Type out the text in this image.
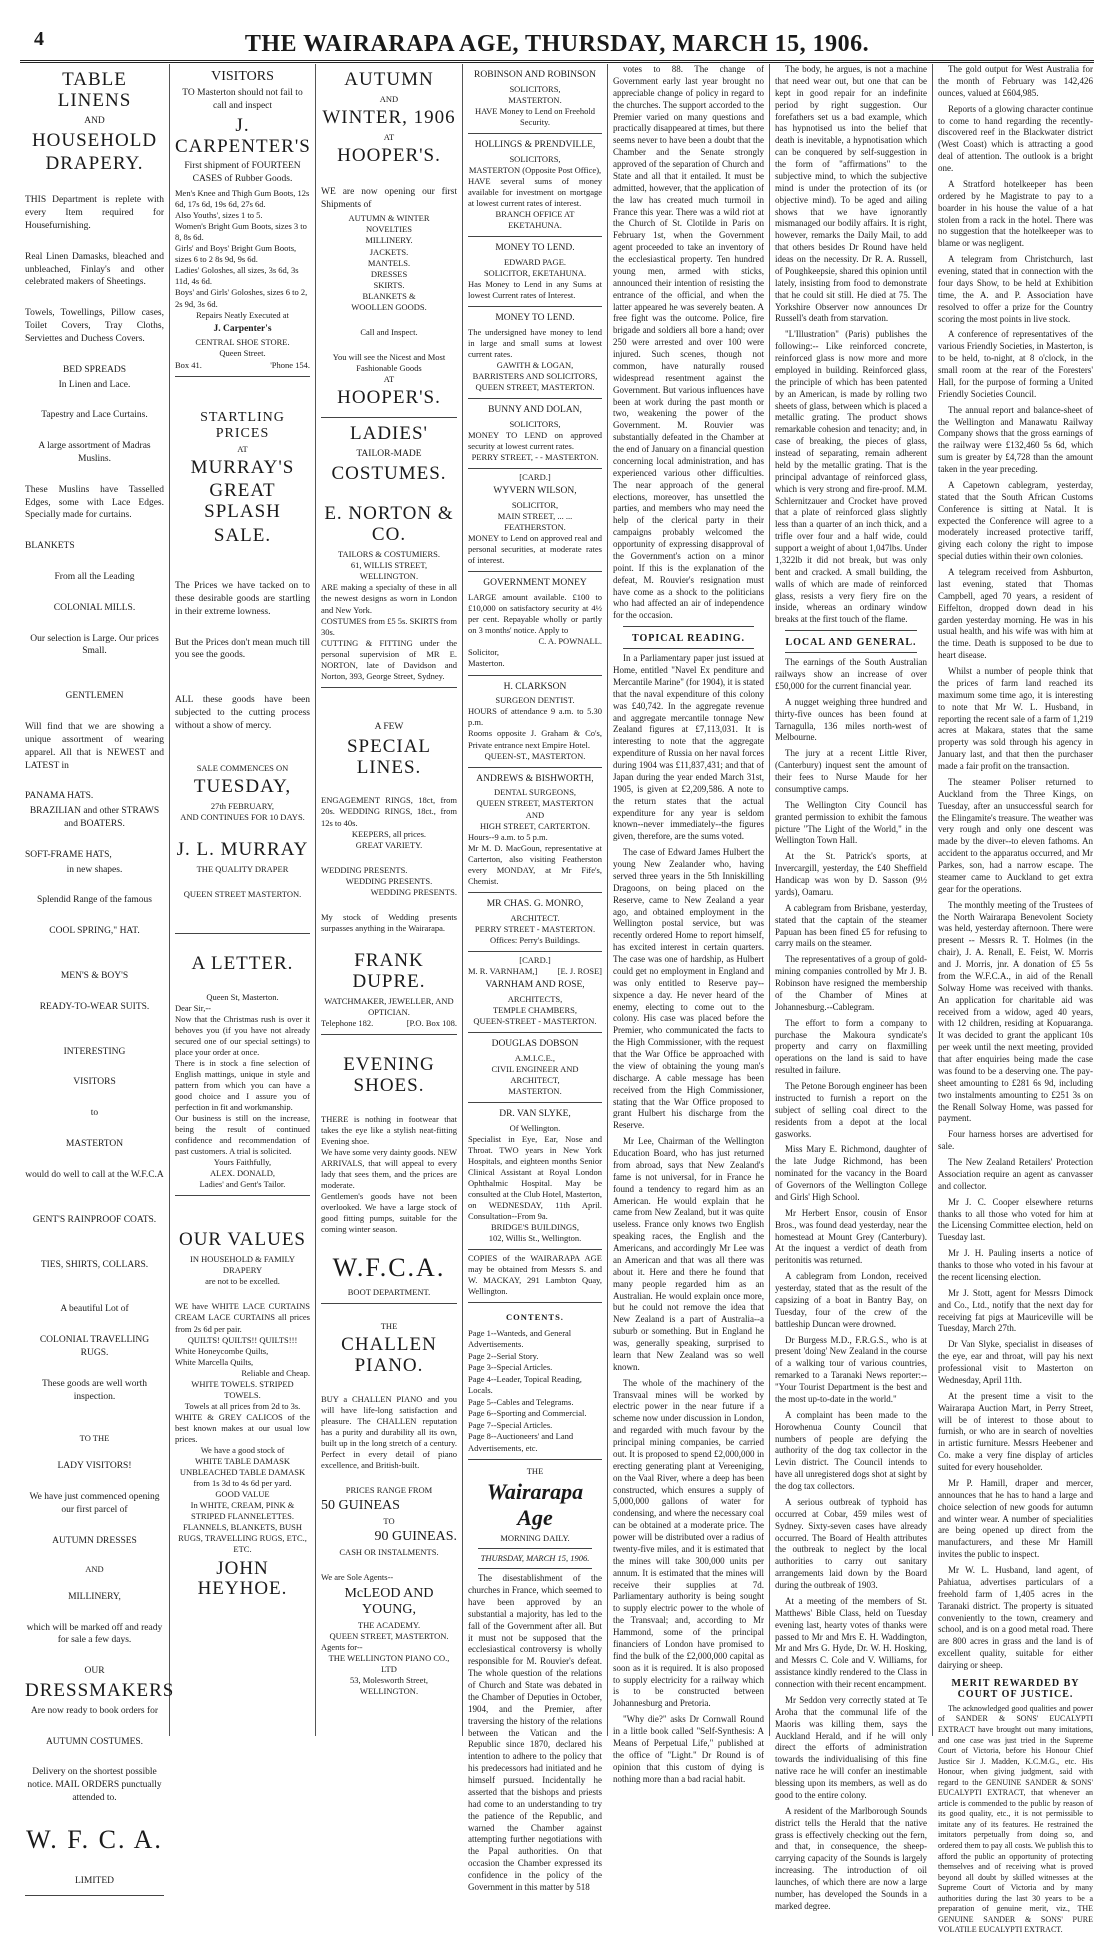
4	THE WAIRARAPA AGE, THURSDAY, MARCH 15, 1906.
TABLE LINENS
AND
HOUSEHOLD
DRAPERY.
THIS Department is replete with every Item required for Housefurnishing.
Real Linen Damasks, bleached and unbleached, Finlay's and other celebrated makers of Sheetings.
Towels, Towellings, Pillow cases, Toilet Covers, Tray Cloths, Serviettes and Duchess Covers.
BED SPREADS
In Linen and Lace.
Tapestry and Lace Curtains.
A large assortment of Madras Muslins.
These Muslins have Tasselled Edges, some with Lace Edges. Specially made for curtains.
BLANKETS
From all the Leading
COLONIAL MILLS.
Our selection is Large. Our prices Small.
GENTLEMEN
Will find that we are showing a unique assortment of wearing apparel. All that is NEWEST and LATEST in
PANAMA HATS.
BRAZILIAN and other STRAWS and BOATERS.
SOFT-FRAME HATS,
in new shapes.
Splendid Range of the famous
COOL SPRING," HAT.
MEN'S & BOY'S
READY-TO-WEAR SUITS.
INTERESTING
VISITORS
to
MASTERTON
would do well to call at the W.F.C.A
GENT'S RAINPROOF COATS.
TIES, SHIRTS, COLLARS.
A beautiful Lot of
COLONIAL TRAVELLING RUGS.
These goods are well worth inspection.
TO THE
LADY VISITORS!
We have just commenced opening our first parcel of
AUTUMN DRESSES
AND
MILLINERY,
which will be marked off and ready for sale a few days.
OUR
DRESSMAKERS
Are now ready to book orders for
AUTUMN COSTUMES.
Delivery on the shortest possible notice. MAIL ORDERS punctually attended to.
W. F. C. A.
LIMITED
VISITORS
TO Masterton should not fail to call and inspect
J. CARPENTER'S
First shipment of FOURTEEN CASES of Rubber Goods.
Men's Knee and Thigh Gum Boots, 12s 6d, 17s 6d, 19s 6d, 27s 6d.
Also Youths', sizes 1 to 5.
Women's Bright Gum Boots, sizes 3 to 8, 8s 6d.
Girls' and Boys' Bright Gum Boots, sizes 6 to 2 8s 9d, 9s 6d.
Ladies' Goloshes, all sizes, 3s 6d, 3s 11d, 4s 6d.
Boys' and Girls' Goloshes, sizes 6 to 2, 2s 9d, 3s 6d.
Repairs Neatly Executed at
J. Carpenter's
CENTRAL SHOE STORE.
Queen Street.
Box 41.	'Phone 154.
STARTLING PRICES
AT
MURRAY'S
GREAT SPLASH
SALE.
The Prices we have tacked on to these desirable goods are startling in their extreme lowness.
But the Prices don't mean much till you see the goods.
ALL these goods have been subjected to the cutting process without a show of mercy.
SALE COMMENCES ON
TUESDAY,
27th FEBRUARY,
AND CONTINUES FOR 10 DAYS.
J. L. MURRAY
THE QUALITY DRAPER
QUEEN STREET MASTERTON.
A LETTER.
Queen St, Masterton.
Dear Sir,--
Now that the Christmas rush is over it behoves you (if you have not already secured one of our special settings) to place your order at once.
There is in stock a fine selection of English mattings, unique in style and pattern from which you can have a good choice and I assure you of perfection in fit and workmanship.
Our business is still on the increase, being the result of continued confidence and recommendation of past customers. A trial is solicited.
Yours Faithfully,
ALEX. DONALD,
Ladies' and Gent's Tailor.
OUR VALUES
IN HOUSEHOLD & FAMILY DRAPERY
are not to be excelled.
WE have WHITE LACE CURTAINS CREAM LACE CURTAINS all prices from 2s 6d per pair.
QUILTS! QUILTS!! QUILTS!!!
White Honeycombe Quilts,
White Marcella Quilts,
Reliable and Cheap.
WHITE TOWELS. STRIPED TOWELS.
Towels at all prices from 2d to 3s.
WHITE & GREY CALICOS of the best known makes at our usual low prices.
We have a good stock of
WHITE TABLE DAMASK
UNBLEACHED TABLE DAMASK from 1s 3d to 4s 6d per yard.
GOOD VALUE
In WHITE, CREAM, PINK & STRIPED FLANNELETTES.
FLANNELS, BLANKETS, BUSH RUGS, TRAVELLING RUGS, ETC., ETC.
JOHN HEYHOE.
AUTUMN
AND
WINTER, 1906
AT
HOOPER'S.
WE are now opening our first Shipments of
AUTUMN & WINTER
NOVELTIES
MILLINERY.
JACKETS.
MANTELS.
DRESSES
SKIRTS.
BLANKETS &
WOOLLEN GOODS.
Call and Inspect.
You will see the Nicest and Most Fashionable Goods
AT
HOOPER'S.
LADIES'
TAILOR-MADE
COSTUMES.
E. NORTON & CO.
TAILORS & COSTUMIERS.
61, WILLIS STREET, WELLINGTON.
ARE making a specialty of these in all the newest designs as worn in London and New York.
COSTUMES from £5 5s. SKIRTS from 30s.
CUTTING & FITTING under the personal supervision of MR E. NORTON, late of Davidson and Norton, 393, George Street, Sydney.
A FEW
SPECIAL LINES.
ENGAGEMENT RINGS, 18ct, from 20s. WEDDING RINGS, 18ct., from 12s to 40s.
KEEPERS, all prices.
GREAT VARIETY.
WEDDING PRESENTS.
WEDDING PRESENTS.
WEDDING PRESENTS.
My stock of Wedding presents surpasses anything in the Wairarapa.
FRANK DUPRE.
WATCHMAKER, JEWELLER, AND OPTICIAN.
Telephone 182.	[P.O. Box 108.
EVENING SHOES.
THERE is nothing in footwear that takes the eye like a stylish neat-fitting Evening shoe.
We have some very dainty goods. NEW ARRIVALS, that will appeal to every lady that sees them, and the prices are moderate.
Gentlemen's goods have not been overlooked. We have a large stock of good fitting pumps, suitable for the coming winter season.
W.F.C.A.
BOOT DEPARTMENT.
THE
CHALLEN PIANO.
BUY a CHALLEN PIANO and you will have life-long satisfaction and pleasure. The CHALLEN reputation has a purity and durability all its own, built up in the long stretch of a century. Perfect in every detail of piano excellence, and British-built.
PRICES RANGE FROM
50 GUINEAS
TO
90 GUINEAS.
CASH OR INSTALMENTS.
We are Sole Agents--
McLEOD AND YOUNG,
THE ACADEMY.
QUEEN STREET, MASTERTON.
Agents for--
THE WELLINGTON PIANO CO., LTD
53, Molesworth Street,
WELLINGTON.
ROBINSON AND ROBINSON
SOLICITORS,
MASTERTON.
HAVE Money to Lend on Freehold Security.
HOLLINGS & PRENDVILLE,
SOLICITORS,
MASTERTON (Opposite Post Office),
HAVE several sums of money available for investment on mortgage at lowest current rates of interest.
BRANCH OFFICE AT EKETAHUNA.
MONEY TO LEND.
EDWARD PAGE.
SOLICITOR, EKETAHUNA.
Has Money to Lend in any Sums at lowest Current rates of Interest.
MONEY TO LEND.
The undersigned have money to lend in large and small sums at lowest current rates.
GAWITH & LOGAN,
BARRISTERS AND SOLICITORS,
QUEEN STREET, MASTERTON.
BUNNY AND DOLAN,
SOLICITORS,
MONEY TO LEND on approved security at lowest current rates.
PERRY STREET, - - MASTERTON.
[CARD.]
WYVERN WILSON,
SOLICITOR,
MAIN STREET, ... ... FEATHERSTON.
MONEY to Lend on approved real and personal securities, at moderate rates of interest.
GOVERNMENT MONEY
LARGE amount available. £100 to £10,000 on satisfactory security at 4½ per cent. Repayable wholly or partly on 3 months' notice. Apply to
C. A. POWNALL.
Solicitor,
Masterton.
H. CLARKSON
SURGEON DENTIST.
HOURS of attendance 9 a.m. to 5.30 p.m.
Rooms opposite J. Graham & Co's, Private entrance next Empire Hotel.
QUEEN-ST., MASTERTON.
ANDREWS & BISHWORTH,
DENTAL SURGEONS,
QUEEN STREET, MASTERTON
AND
HIGH STREET, CARTERTON.
Hours--9 a.m. to 5 p.m.
Mr M. D. MacGoun, representative at Carterton, also visiting Featherston every MONDAY, at Mr Fife's, Chemist.
MR CHAS. G. MONRO,
ARCHITECT.
PERRY STREET - MASTERTON.
Offices: Perry's Buildings.
[CARD.]
M. R. VARNHAM,] [E. J. ROSE]
VARNHAM AND ROSE,
ARCHITECTS,
TEMPLE CHAMBERS,
QUEEN-STREET - MASTERTON.
DOUGLAS DOBSON
A.M.I.C.E.,
CIVIL ENGINEER AND ARCHITECT,
MASTERTON.
DR. VAN SLYKE,
Of Wellington.
Specialist in Eye, Ear, Nose and Throat. TWO years in New York Hospitals, and eighteen months Senior Clinical Assistant at Royal London Ophthalmic Hospital. May be consulted at the Club Hotel, Masterton, on WEDNESDAY, 11th April. Consultation--From 9a.
BRIDGE'S BUILDINGS,
102, Willis St., Wellington.
COPIES of the WAIRARAPA AGE may be obtained from Messrs S. and W. MACKAY, 291 Lambton Quay, Wellington.
CONTENTS.
Page 1--Wanteds, and General Advertisements.
Page 2--Serial Story.
Page 3--Special Articles.
Page 4--Leader, Topical Reading, Locals.
Page 5--Cables and Telegrams.
Page 6--Sporting and Commercial.
Page 7--Special Articles.
Page 8--Auctioneers' and Land Advertisements, etc.
THE
Wairarapa Age
MORNING DAILY.
THURSDAY, MARCH 15, 1906.
The disestablishment of the churches in France, which seemed to have been approved by an substantial a majority, has led to the fall of the Government after all. But it must not be supposed that the ecclesiastical controversy is wholly responsible for M. Rouvier's defeat. The whole question of the relations of Church and State was debated in the Chamber of Deputies in October, 1904, and the Premier, after traversing the history of the relations between the Vatican and the Republic since 1870, declared his intention to adhere to the policy that his predecessors had initiated and he himself pursued. Incidentally he asserted that the bishops and priests had come to an understanding to try the patience of the Republic, and warned the Chamber against attempting further negotiations with the Papal authorities. On that occasion the Chamber expressed its confidence in the policy of the Government in this matter by 518
votes to 88. The change of Government early last year brought no appreciable change of policy in regard to the churches. The support accorded to the Premier varied on many questions and practically disappeared at times, but there seems never to have been a doubt that the Chamber and the Senate strongly approved of the separation of Church and State and all that it entailed. It must be admitted, however, that the application of the law has created much turmoil in France this year. There was a wild riot at the Church of St. Clotilde in Paris on February 1st, when the Government agent proceeded to take an inventory of the ecclesiastical property. Ten hundred young men, armed with sticks, announced their intention of resisting the entrance of the official, and when the latter appeared he was severely beaten. A free fight was the outcome. Police, fire brigade and soldiers all bore a hand; over 250 were arrested and over 100 were injured. Such scenes, though not common, have naturally roused widespread resentment against the Government. But various influences have been at work during the past month or two, weakening the power of the Government. M. Rouvier was substantially defeated in the Chamber at the end of January on a financial question concerning local administration, and has experienced various other difficulties. The near approach of the general elections, moreover, has unsettled the parties, and members who may need the help of the clerical party in their campaigns probably welcomed the opportunity of expressing disapproval of the Government's action on a minor point. If this is the explanation of the defeat, M. Rouvier's resignation must have come as a shock to the politicians who had affected an air of independence for the occasion.
TOPICAL READING.
In a Parliamentary paper just issued at Home, entitled "Navel Ex penditure and Mercantile Marine" (for 1904), it is stated that the naval expenditure of this colony was £40,742. In the aggregate revenue and aggregate mercantile tonnage New Zealand figures at £7,113,031. It is interesting to note that the aggregate expenditure of Russia on her naval forces during 1904 was £11,837,431; and that of Japan during the year ended March 31st, 1905, is given at £2,209,586. A note to the return states that the actual expenditure for any year is seldom known--never immediately--the figures given, therefore, are the sums voted.
The case of Edward James Hulbert the young New Zealander who, having served three years in the 5th Inniskilling Dragoons, on being placed on the Reserve, came to New Zealand a year ago, and obtained employment in the Wellington postal service, but was recently ordered Home to report himself, has excited interest in certain quarters. The case was one of hardship, as Hulbert could get no employment in England and was only entitled to Reserve pay--sixpence a day. He never heard of the enemy, electing to come out to the colony. His case was placed before the Premier, who communicated the facts to the High Commissioner, with the request that the War Office be approached with the view of obtaining the young man's discharge. A cable message has been received from the High Commissioner, stating that the War Office proposed to grant Hulbert his discharge from the Reserve.
Mr Lee, Chairman of the Wellington Education Board, who has just returned from abroad, says that New Zealand's fame is not universal, for in France he found a tendency to regard him as an American. He would explain that he came from New Zealand, but it was quite useless. France only knows two English speaking races, the English and the Americans, and accordingly Mr Lee was an American and that was all there was about it. Here and there he found that many people regarded him as an Australian. He would explain once more, but he could not remove the idea that New Zealand is a part of Australia--a suburb or something. But in England he was, generally speaking, surprised to learn that New Zealand was so well known.
The whole of the machinery of the Transvaal mines will be worked by electric power in the near future if a scheme now under discussion in London, and regarded with much favour by the principal mining companies, be carried out. It is proposed to spend £2,000,000 in erecting generating plant at Vereeniging, on the Vaal River, where a deep has been constructed, which ensures a supply of 5,000,000 gallons of water for condensing, and where the necessary coal can be obtained at a moderate price. The power will be distributed over a radius of twenty-five miles, and it is estimated that the mines will take 300,000 units per annum. It is estimated that the mines will receive their supplies at 7d. Parliamentary authority is being sought to supply electric power to the whole of the Transvaal; and, according to Mr Hammond, some of the principal financiers of London have promised to find the bulk of the £2,000,000 capital as soon as it is required. It is also proposed to supply electricity for a railway which is to be constructed between Johannesburg and Pretoria.
"Why die?" asks Dr Cornwall Round in a little book called "Self-Synthesis: A Means of Perpetual Life," published at the office of "Light." Dr Round is of opinion that this custom of dying is nothing more than a bad racial habit.
The body, he argues, is not a machine that need wear out, but one that can be kept in good repair for an indefinite period by right suggestion. Our forefathers set us a bad example, which has hypnotised us into the belief that death is inevitable, a hypnotisation which can be conquered by self-suggestion in the form of "affirmations" to the subjective mind, to which the subjective mind is under the protection of its (or objective mind). To be aged and ailing shows that we have ignorantly mismanaged our bodily affairs. It is right, however, remarks the Daily Mail, to add that others besides Dr Round have held ideas on the necessity. Dr R. A. Russell, of Poughkeepsie, shared this opinion until lately, insisting from food to demonstrate that he could sit still. He died at 75. The Yorkshire Observer now announces Dr Russell's death from starvation.
"L'Illustration" (Paris) publishes the following:-- Like reinforced concrete, reinforced glass is now more and more employed in building. Reinforced glass, the principle of which has been patented by an American, is made by rolling two sheets of glass, between which is placed a metallic grating. The product shows remarkable cohesion and tenacity; and, in case of breaking, the pieces of glass, instead of separating, remain adherent held by the metallic grating. That is the principal advantage of reinforced glass, which is very strong and fire-proof. M.M. Schlernitzauer and Crocket have proved that a plate of reinforced glass slightly less than a quarter of an inch thick, and a trifle over four and a half wide, could support a weight of about 1,047lbs. Under 1,322lb it did not break, but was only bent and cracked. A small building, the walls of which are made of reinforced glass, resists a very fiery fire on the inside, whereas an ordinary window breaks at the first touch of the flame.
LOCAL AND GENERAL.
The earnings of the South Australian railways show an increase of over £50,000 for the current financial year.
A nugget weighing three hundred and thirty-five ounces has been found at Tarnagulla, 136 miles north-west of Melbourne.
The jury at a recent Little River, (Canterbury) inquest sent the amount of their fees to Nurse Maude for her consumptive camps.
The Wellington City Council has granted permission to exhibit the famous picture "The Light of the World," in the Wellington Town Hall.
At the St. Patrick's sports, at Invercargill, yesterday, the £40 Sheffield Handicap was won by D. Sasson (9½ yards), Oamaru.
A cablegram from Brisbane, yesterday, stated that the captain of the steamer Papuan has been fined £5 for refusing to carry mails on the steamer.
The representatives of a group of gold-mining companies controlled by Mr J. B. Robinson have resigned the membership of the Chamber of Mines at Johannesburg.--Cablegram.
The effort to form a company to purchase the Makoura syndicate's property and carry on flaxmilling operations on the land is said to have resulted in failure.
The Petone Borough engineer has been instructed to furnish a report on the subject of selling coal direct to the residents from a depot at the local gasworks.
Miss Mary E. Richmond, daughter of the late Judge Richmond, has been nominated for the vacancy in the Board of Governors of the Wellington College and Girls' High School.
Mr Herbert Ensor, cousin of Ensor Bros., was found dead yesterday, near the homestead at Mount Grey (Canterbury). At the inquest a verdict of death from peritonitis was returned.
A cablegram from London, received yesterday, stated that as the result of the capsizing of a boat in Bantry Bay, on Tuesday, four of the crew of the battleship Duncan were drowned.
Dr Burgess M.D., F.R.G.S., who is at present 'doing' New Zealand in the course of a walking tour of various countries, remarked to a Taranaki News reporter:--"Your Tourist Department is the best and the most up-to-date in the world."
A complaint has been made to the Horowhenua County Council that numbers of people are defying the authority of the dog tax collector in the Levin district. The Council intends to have all unregistered dogs shot at sight by the dog tax collectors.
A serious outbreak of typhoid has occurred at Cobar, 459 miles west of Sydney. Sixty-seven cases have already occurred. The Board of Health attributes the outbreak to neglect by the local authorities to carry out sanitary arrangements laid down by the Board during the outbreak of 1903.
At a meeting of the members of St. Matthews' Bible Class, held on Tuesday evening last, hearty votes of thanks were passed to Mr and Mrs E. H. Waddington, Mr and Mrs G. Hyde, Dr. W. H. Hosking, and Messrs C. Cole and V. Williams, for assistance kindly rendered to the Class in connection with their recent encampment.
Mr Seddon very correctly stated at Te Aroha that the communal life of the Maoris was killing them, says the Auckland Herald, and if he will only direct the efforts of administration towards the individualising of this fine native race he will confer an inestimable blessing upon its members, as well as do good to the entire colony.
A resident of the Marlborough Sounds district tells the Herald that the native grass is effectively checking out the fern, and that, in consequence, the sheep-carrying capacity of the Sounds is largely increasing. The introduction of oil launches, of which there are now a large number, has developed the Sounds in a marked degree.
The gold output for West Australia for the month of February was 142,426 ounces, valued at £604,985.
Reports of a glowing character continue to come to hand regarding the recently-discovered reef in the Blackwater district (West Coast) which is attracting a good deal of attention. The outlook is a bright one.
A Stratford hotelkeeper has been ordered by he Magistrate to pay to a boarder in his house the value of a hat stolen from a rack in the hotel. There was no suggestion that the hotelkeeper was to blame or was negligent.
A telegram from Christchurch, last evening, stated that in connection with the four days Show, to be held at Exhibition time, the A. and P. Association have resolved to offer a prize for the Country scoring the most points in live stock.
A conference of representatives of the various Friendly Societies, in Masterton, is to be held, to-night, at 8 o'clock, in the small room at the rear of the Foresters' Hall, for the purpose of forming a United Friendly Societies Council.
The annual report and balance-sheet of the Wellington and Manawatu Railway Company shows that the gross earnings of the railway were £132,460 5s 6d, which sum is greater by £4,728 than the amount taken in the year preceding.
A Capetown cablegram, yesterday, stated that the South African Customs Conference is sitting at Natal. It is expected the Conference will agree to a moderately increased protective tariff, giving each colony the right to impose special duties within their own colonies.
A telegram received from Ashburton, last evening, stated that Thomas Campbell, aged 70 years, a resident of Eiffelton, dropped down dead in his garden yesterday morning. He was in his usual health, and his wife was with him at the time. Death is supposed to be due to heart disease.
Whilst a number of people think that the prices of farm land reached its maximum some time ago, it is interesting to note that Mr W. L. Husband, in reporting the recent sale of a farm of 1,219 acres at Makara, states that the same property was sold through his agency in January last, and that then the purchaser made a fair profit on the transaction.
The steamer Poliser returned to Auckland from the Three Kings, on Tuesday, after an unsuccessful search for the Elingamite's treasure. The weather was very rough and only one descent was made by the diver--to eleven fathoms. An accident to the apparatus occurred, and Mr Parkes, son, had a narrow escape. The steamer came to Auckland to get extra gear for the operations.
The monthly meeting of the Trustees of the North Wairarapa Benevolent Society was held, yesterday afternoon. There were present -- Messrs R. T. Holmes (in the chair), J. A. Renall, E. Feist, W. Morris and J. Morris, jnr. A donation of £5 5s from the W.F.C.A., in aid of the Renall Solway Home was received with thanks. An application for charitable aid was received from a widow, aged 40 years, with 12 children, residing at Kopuaranga. It was decided to grant the applicant 10s per week until the next meeting, provided that after enquiries being made the case was found to be a deserving one. The pay-sheet amounting to £281 6s 9d, including two instalments amounting to £251 3s on the Renall Solway Home, was passed for payment.
Four harness horses are advertised for sale.
The New Zealand Retailers' Protection Association require an agent as canvasser and collector.
Mr J. C. Cooper elsewhere returns thanks to all those who voted for him at the Licensing Committee election, held on Tuesday last.
Mr J. H. Pauling inserts a notice of thanks to those who voted in his favour at the recent licensing election.
Mr J. Stott, agent for Messrs Dimock and Co., Ltd., notify that the next day for receiving fat pigs at Mauriceville will be Tuesday, March 27th.
Dr Van Slyke, specialist in diseases of the eye, ear and throat, will pay his next professional visit to Masterton on Wednesday, April 11th.
At the present time a visit to the Wairarapa Auction Mart, in Perry Street, will be of interest to those about to furnish, or who are in search of novelties in artistic furniture. Messrs Heebener and Co. make a very fine display of articles suited for every householder.
Mr P. Hamill, draper and mercer, announces that he has to hand a large and choice selection of new goods for autumn and winter wear. A number of specialities are being opened up direct from the manufacturers, and these Mr Hamill invites the public to inspect.
Mr W. L. Husband, land agent, of Pahiatua, advertises particulars of a freehold farm of 1,405 acres in the Taranaki district. The property is situated conveniently to the town, creamery and school, and is on a good metal road. There are 800 acres in grass and the land is of excellent quality, suitable for either dairying or sheep.
MERIT REWARDED BY COURT OF JUSTICE.
The acknowledged good qualities and power of SANDER & SONS' EUCALYPTI EXTRACT have brought out many imitations, and one case was just tried in the Supreme Court of Victoria, before his Honour Chief Justice Sir J. Madden, K.C.M.G., etc. His Honour, when giving judgment, said with regard to the GENUINE SANDER & SONS' EUCALYPTI EXTRACT, that whenever an article is commended to the public by reason of its good quality, etc., it is not permissible to imitate any of its features. He restrained the imitators perpetually from doing so, and ordered them to pay all costs. We publish this to afford the public an opportunity of protecting themselves and of receiving what is proved beyond all doubt by skilled witnesses at the Supreme Court of Victoria and by many authorities during the last 30 years to be a preparation of genuine merit, viz., THE GENUINE SANDER & SONS' PURE VOLATILE EUCALYPTI EXTRACT.
